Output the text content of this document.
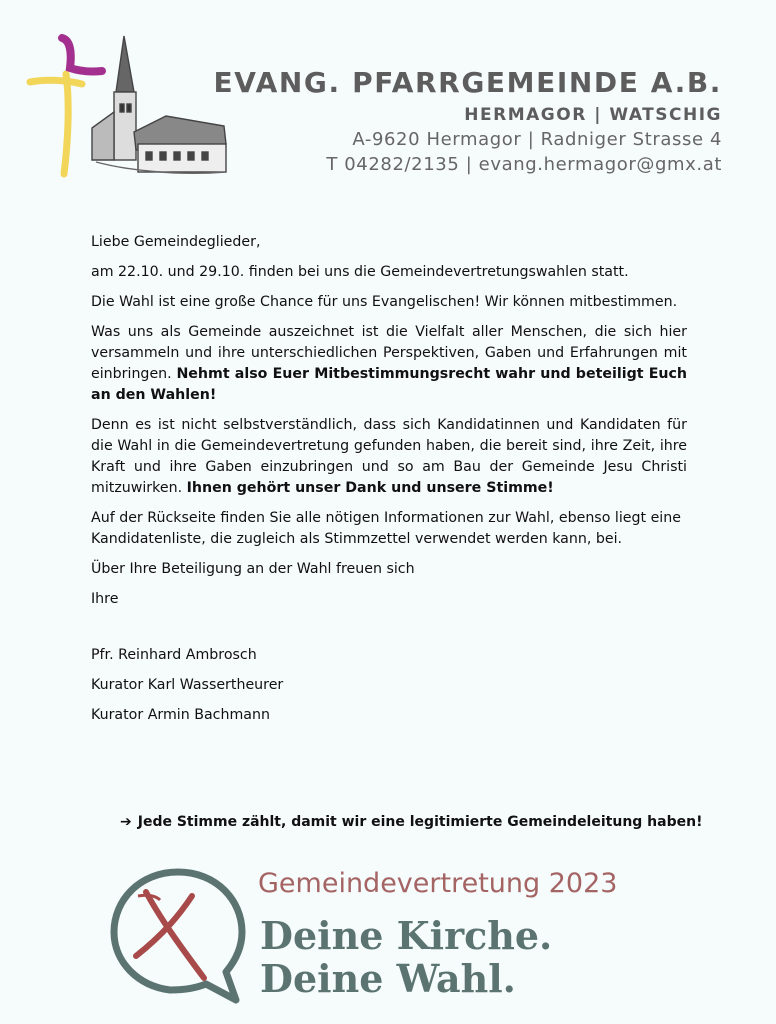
EVANG. PFARRGEMEINDE A.B.
HERMAGOR | WATSCHIG
A-9620 Hermagor | Radniger Strasse 4
T 04282/2135 | evang.hermagor@gmx.at

Liebe Gemeindeglieder,

am 22.10. und 29.10. finden bei uns die Gemeindevertretungswahlen statt.

Die Wahl ist eine große Chance für uns Evangelischen! Wir können mitbestimmen.

Was uns als Gemeinde auszeichnet ist die Vielfalt aller Menschen, die sich hier versammeln und ihre unterschiedlichen Perspektiven, Gaben und Erfahrungen mit einbringen. Nehmt also Euer Mitbestimmungsrecht wahr und beteiligt Euch an den Wahlen!

Denn es ist nicht selbstverständlich, dass sich Kandidatinnen und Kandidaten für die Wahl in die Gemeindevertretung gefunden haben, die bereit sind, ihre Zeit, ihre Kraft und ihre Gaben einzubringen und so am Bau der Gemeinde Jesu Christi mitzuwirken. Ihnen gehört unser Dank und unsere Stimme!

Auf der Rückseite finden Sie alle nötigen Informationen zur Wahl, ebenso liegt eine Kandidatenliste, die zugleich als Stimmzettel verwendet werden kann, bei.

Über Ihre Beteiligung an der Wahl freuen sich

Ihre

Pfr. Reinhard Ambrosch

Kurator Karl Wassertheurer

Kurator Armin Bachmann

➔ Jede Stimme zählt, damit wir eine legitimierte Gemeindeleitung haben!
Gemeindevertretung 2023
Deine Kirche.
Deine Wahl.
